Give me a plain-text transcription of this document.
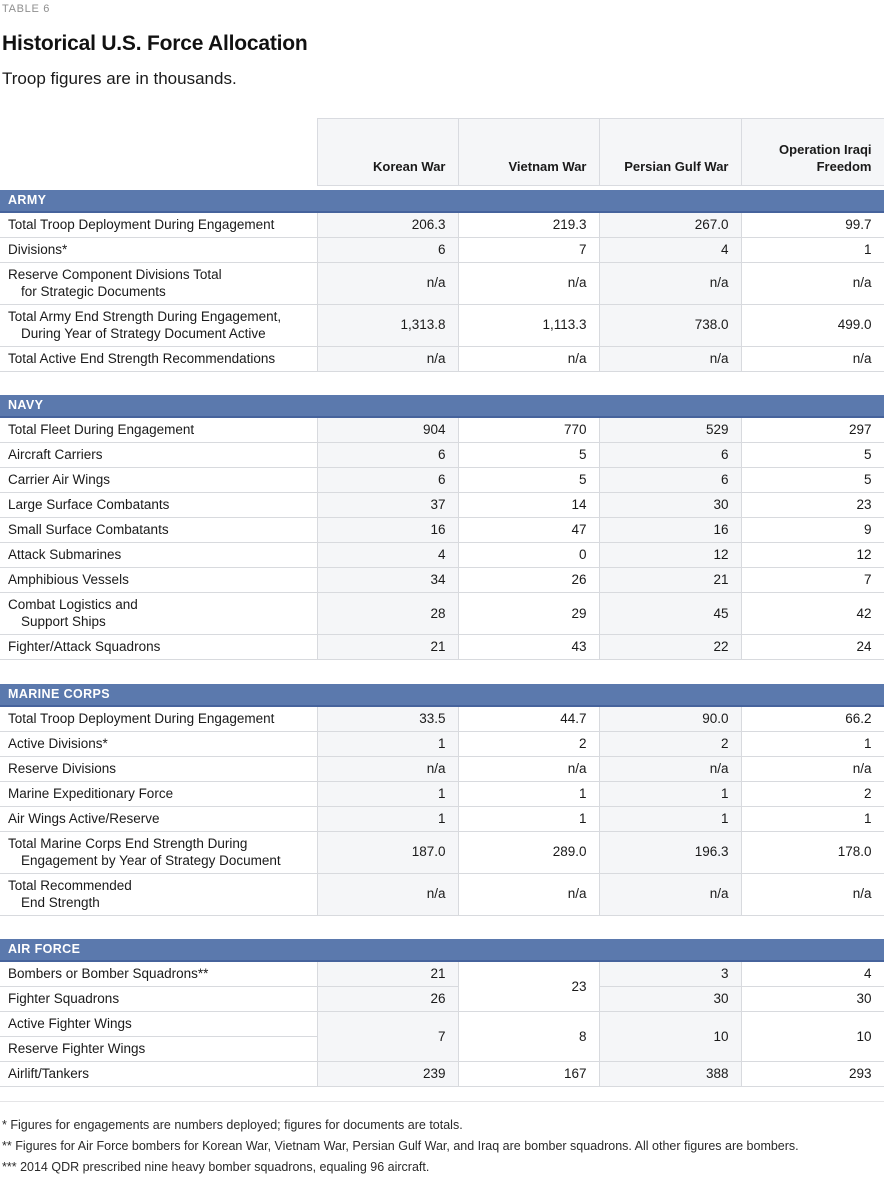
TABLE 6
Historical U.S. Force Allocation
Troop figures are in thousands.
	Korean War	Vietnam War	Persian Gulf War	Operation Iraqi Freedom

ARMY				

Total Troop Deployment During Engagement	206.3	219.3	267.0	99.7

Divisions*	6	7	4	1

Reserve Component Divisions Total
for Strategic Documents	n/a	n/a	n/a	n/a

Total Army End Strength During Engagement,
During Year of Strategy Document Active	1,313.8	1,113.3	738.0	499.0

Total Active End Strength Recommendations	n/a	n/a	n/a	n/a

NAVY				

Total Fleet During Engagement	904	770	529	297

Aircraft Carriers	6	5	6	5

Carrier Air Wings	6	5	6	5

Large Surface Combatants	37	14	30	23

Small Surface Combatants	16	47	16	9

Attack Submarines	4	0	12	12

Amphibious Vessels	34	26	21	7

Combat Logistics and
Support Ships	28	29	45	42

Fighter/Attack Squadrons	21	43	22	24

MARINE CORPS				

Total Troop Deployment During Engagement	33.5	44.7	90.0	66.2

Active Divisions*	1	2	2	1

Reserve Divisions	n/a	n/a	n/a	n/a

Marine Expeditionary Force	1	1	1	2

Air Wings Active/Reserve	1	1	1	1

Total Marine Corps End Strength During
Engagement by Year of Strategy Document	187.0	289.0	196.3	178.0

Total Recommended
End Strength	n/a	n/a	n/a	n/a

AIR FORCE				

Bombers or Bomber Squadrons**	21	23	3	4

Fighter Squadrons	26		30	30

Active Fighter Wings	7	8	10	10

Reserve Fighter Wings				

Airlift/Tankers	239	167	388	293
* Figures for engagements are numbers deployed; figures for documents are totals.
** Figures for Air Force bombers for Korean War, Vietnam War, Persian Gulf War, and Iraq are bomber squadrons. All other figures are bombers.
*** 2014 QDR prescribed nine heavy bomber squadrons, equaling 96 aircraft.
